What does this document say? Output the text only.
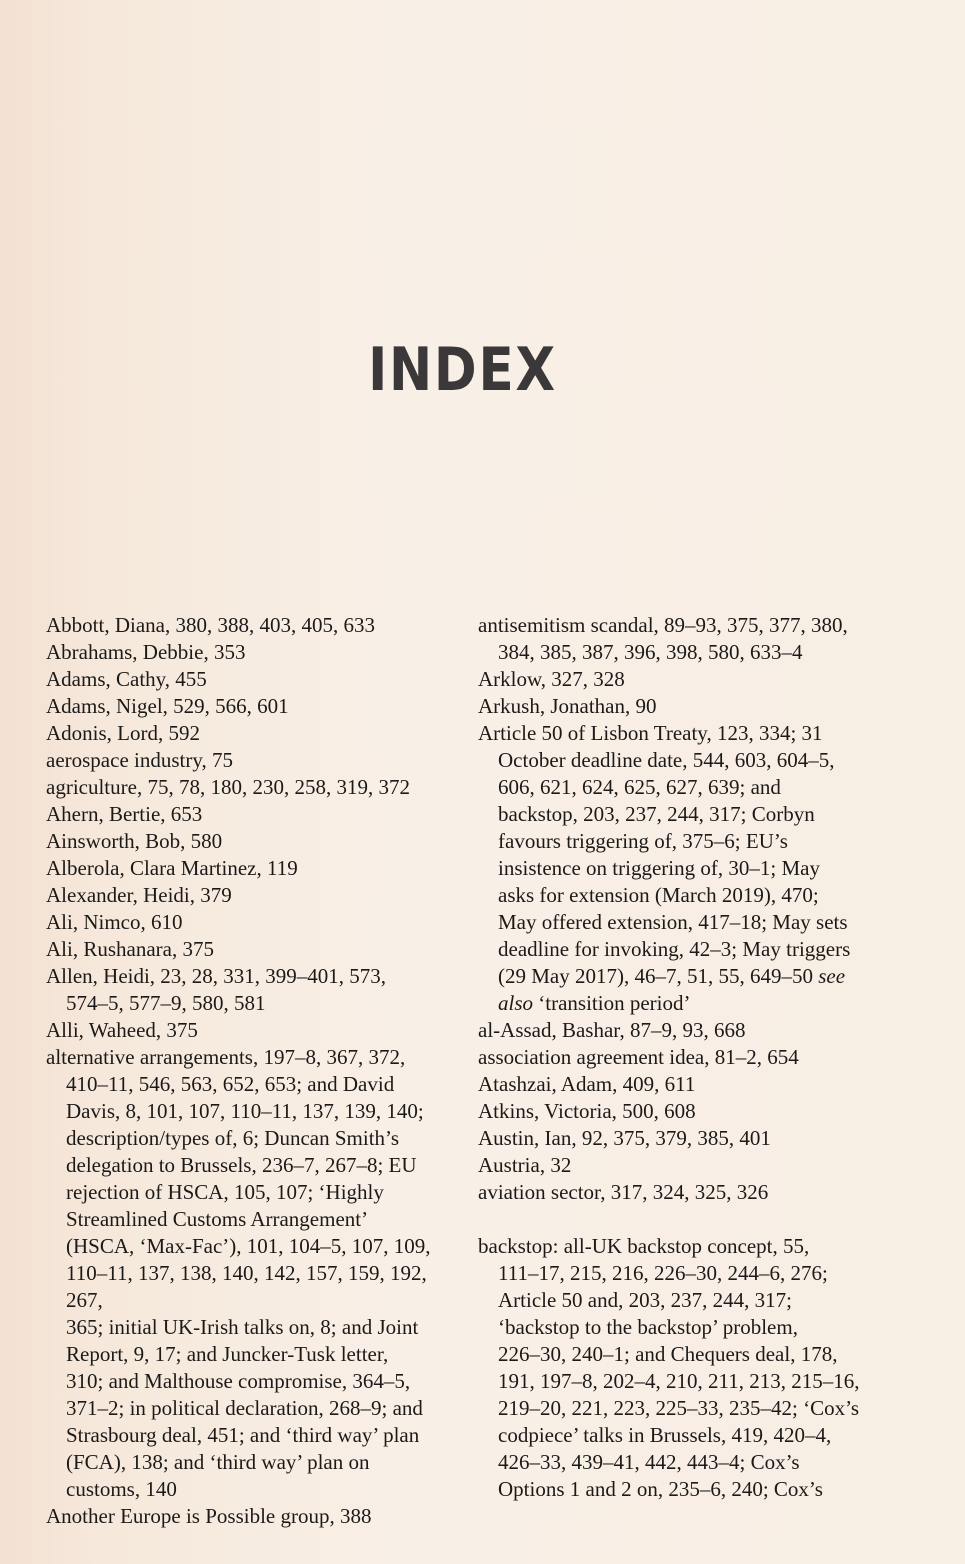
INDEX
Abbott, Diana, 380, 388, 403, 405, 633
Abrahams, Debbie, 353
Adams, Cathy, 455
Adams, Nigel, 529, 566, 601
Adonis, Lord, 592
aerospace industry, 75
agriculture, 75, 78, 180, 230, 258, 319, 372
Ahern, Bertie, 653
Ainsworth, Bob, 580
Alberola, Clara Martinez, 119
Alexander, Heidi, 379
Ali, Nimco, 610
Ali, Rushanara, 375
Allen, Heidi, 23, 28, 331, 399–401, 573,
574–5, 577–9, 580, 581
Alli, Waheed, 375
alternative arrangements, 197–8, 367, 372,
410–11, 546, 563, 652, 653; and David
Davis, 8, 101, 107, 110–11, 137, 139, 140;
description/types of, 6; Duncan Smith’s
delegation to Brussels, 236–7, 267–8; EU
rejection of HSCA, 105, 107; ‘Highly
Streamlined Customs Arrangement’
(HSCA, ‘Max-Fac’), 101, 104–5, 107, 109,
110–11, 137, 138, 140, 142, 157, 159, 192, 267,
365; initial UK-Irish talks on, 8; and Joint
Report, 9, 17; and Juncker-Tusk letter,
310; and Malthouse compromise, 364–5,
371–2; in political declaration, 268–9; and
Strasbourg deal, 451; and ‘third way’ plan
(FCA), 138; and ‘third way’ plan on
customs, 140
Another Europe is Possible group, 388
antisemitism scandal, 89–93, 375, 377, 380,
384, 385, 387, 396, 398, 580, 633–4
Arklow, 327, 328
Arkush, Jonathan, 90
Article 50 of Lisbon Treaty, 123, 334; 31
October deadline date, 544, 603, 604–5,
606, 621, 624, 625, 627, 639; and
backstop, 203, 237, 244, 317; Corbyn
favours triggering of, 375–6; EU’s
insistence on triggering of, 30–1; May
asks for extension (March 2019), 470;
May offered extension, 417–18; May sets
deadline for invoking, 42–3; May triggers
(29 May 2017), 46–7, 51, 55, 649–50 see
also ‘transition period’
al-Assad, Bashar, 87–9, 93, 668
association agreement idea, 81–2, 654
Atashzai, Adam, 409, 611
Atkins, Victoria, 500, 608
Austin, Ian, 92, 375, 379, 385, 401
Austria, 32
aviation sector, 317, 324, 325, 326
backstop: all-UK backstop concept, 55,
111–17, 215, 216, 226–30, 244–6, 276;
Article 50 and, 203, 237, 244, 317;
‘backstop to the backstop’ problem,
226–30, 240–1; and Chequers deal, 178,
191, 197–8, 202–4, 210, 211, 213, 215–16,
219–20, 221, 223, 225–33, 235–42; ‘Cox’s
codpiece’ talks in Brussels, 419, 420–4,
426–33, 439–41, 442, 443–4; Cox’s
Options 1 and 2 on, 235–6, 240; Cox’s
